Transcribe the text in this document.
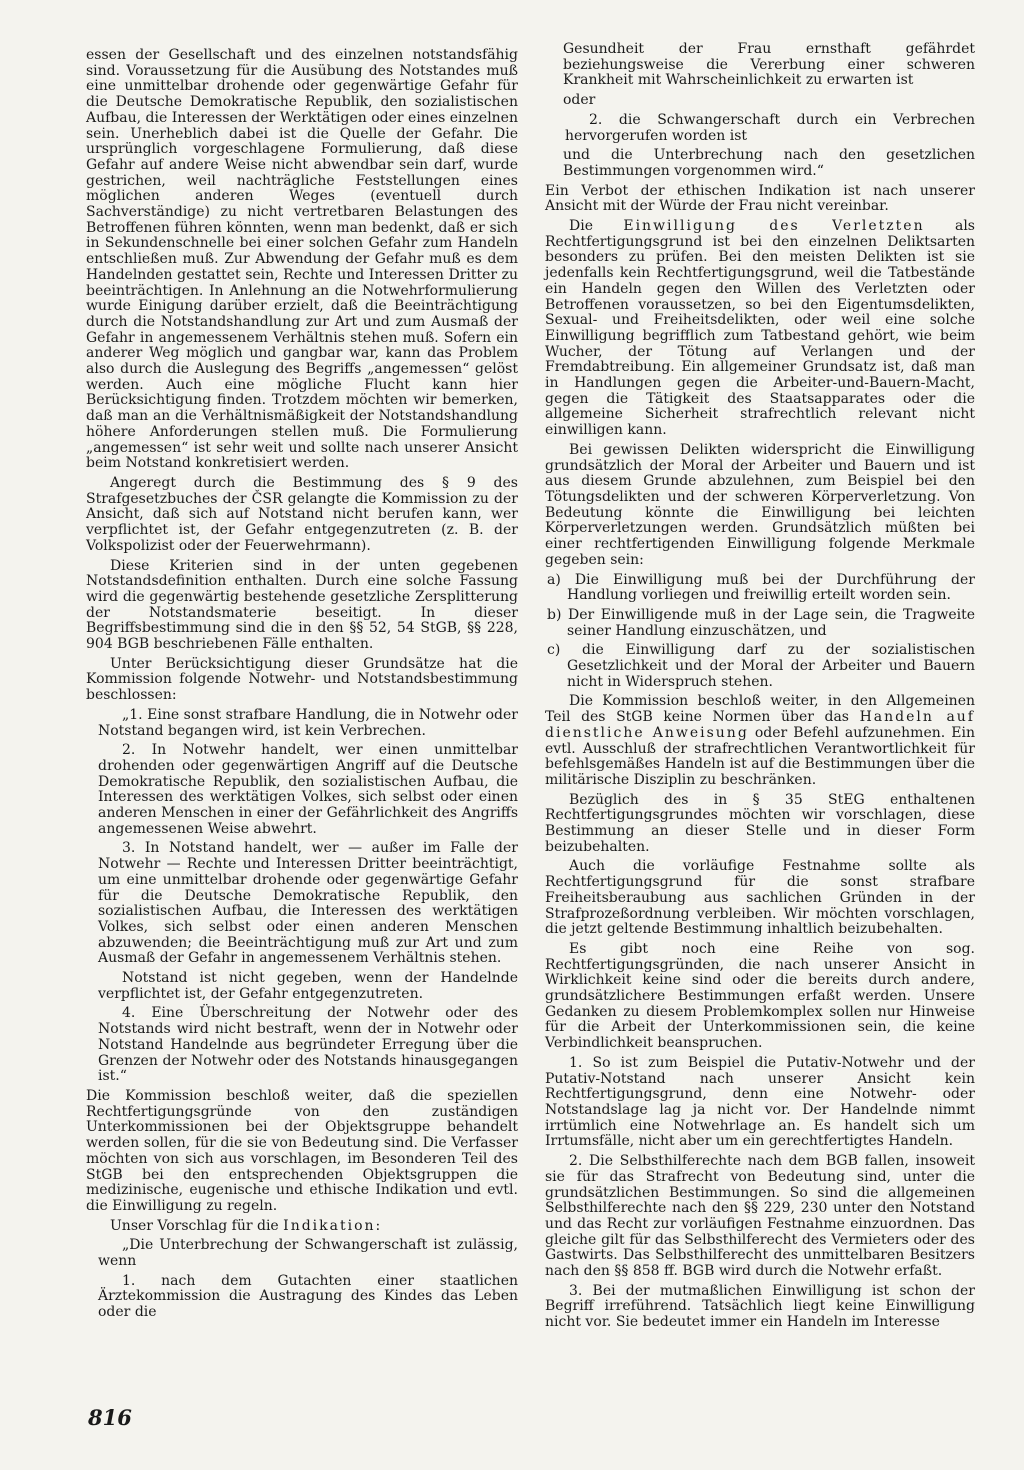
essen der Gesellschaft und des einzelnen notstandsfähig sind. Voraussetzung für die Ausübung des Notstandes muß eine unmittelbar drohende oder gegenwärtige Gefahr für die Deutsche Demokratische Republik, den sozialistischen Aufbau, die Interessen der Werktätigen oder eines einzelnen sein. Unerheblich dabei ist die Quelle der Gefahr. Die ursprünglich vorgeschlagene Formulierung, daß diese Gefahr auf andere Weise nicht abwendbar sein darf, wurde gestrichen, weil nachträgliche Feststellungen eines möglichen anderen Weges (eventuell durch Sachverständige) zu nicht vertretbaren Belastungen des Betroffenen führen könnten, wenn man bedenkt, daß er sich in Sekundenschnelle bei einer solchen Gefahr zum Handeln entschließen muß. Zur Abwendung der Gefahr muß es dem Handelnden gestattet sein, Rechte und Interessen Dritter zu beeinträchtigen. In Anlehnung an die Notwehrformulierung wurde Einigung darüber erzielt, daß die Beeinträchtigung durch die Notstandshandlung zur Art und zum Ausmaß der Gefahr in angemessenem Verhältnis stehen muß. Sofern ein anderer Weg möglich und gangbar war, kann das Problem also durch die Auslegung des Begriffs „angemessen“ gelöst werden. Auch eine mögliche Flucht kann hier Berücksichtigung finden. Trotzdem möchten wir bemerken, daß man an die Verhältnismäßigkeit der Notstandshandlung höhere Anforderungen stellen muß. Die Formulierung „angemessen“ ist sehr weit und sollte nach unserer Ansicht beim Notstand konkretisiert werden.

Angeregt durch die Bestimmung des § 9 des Strafgesetzbuches der ČSR gelangte die Kommission zu der Ansicht, daß sich auf Notstand nicht berufen kann, wer verpflichtet ist, der Gefahr entgegenzutreten (z. B. der Volkspolizist oder der Feuerwehrmann).

Diese Kriterien sind in der unten gegebenen Notstandsdefinition enthalten. Durch eine solche Fassung wird die gegenwärtig bestehende gesetzliche Zersplitterung der Notstandsmaterie beseitigt. In dieser Begriffsbestimmung sind die in den §§ 52, 54 StGB, §§ 228, 904 BGB beschriebenen Fälle enthalten.

Unter Berücksichtigung dieser Grundsätze hat die Kommission folgende Notwehr- und Notstandsbestimmung beschlossen:

„1. Eine sonst strafbare Handlung, die in Notwehr oder Notstand begangen wird, ist kein Verbrechen.

2. In Notwehr handelt, wer einen unmittelbar drohenden oder gegenwärtigen Angriff auf die Deutsche Demokratische Republik, den sozialistischen Aufbau, die Interessen des werktätigen Volkes, sich selbst oder einen anderen Menschen in einer der Gefährlichkeit des Angriffs angemessenen Weise abwehrt.

3. In Notstand handelt, wer — außer im Falle der Notwehr — Rechte und Interessen Dritter beeinträchtigt, um eine unmittelbar drohende oder gegenwärtige Gefahr für die Deutsche Demokratische Republik, den sozialistischen Aufbau, die Interessen des werktätigen Volkes, sich selbst oder einen anderen Menschen abzuwenden; die Beeinträchtigung muß zur Art und zum Ausmaß der Gefahr in angemessenem Verhältnis stehen.

Notstand ist nicht gegeben, wenn der Handelnde verpflichtet ist, der Gefahr entgegenzutreten.

4. Eine Überschreitung der Notwehr oder des Notstands wird nicht bestraft, wenn der in Notwehr oder Notstand Handelnde aus begründeter Erregung über die Grenzen der Notwehr oder des Notstands hinausgegangen ist.“

Die Kommission beschloß weiter, daß die speziellen Rechtfertigungsgründe von den zuständigen Unterkommissionen bei der Objektsgruppe behandelt werden sollen, für die sie von Bedeutung sind. Die Verfasser möchten von sich aus vorschlagen, im Besonderen Teil des StGB bei den entsprechenden Objektsgruppen die medizinische, eugenische und ethische Indikation und evtl. die Einwilligung zu regeln.

Unser Vorschlag für die Indikation:

„Die Unterbrechung der Schwangerschaft ist zulässig, wenn

1. nach dem Gutachten einer staatlichen Ärztekommission die Austragung des Kindes das Leben oder die

Gesundheit der Frau ernsthaft gefährdet beziehungsweise die Vererbung einer schweren Krankheit mit Wahrscheinlichkeit zu erwarten ist

oder

2. die Schwangerschaft durch ein Verbrechen hervorgerufen worden ist

und die Unterbrechung nach den gesetzlichen Bestimmungen vorgenommen wird.“

Ein Verbot der ethischen Indikation ist nach unserer Ansicht mit der Würde der Frau nicht vereinbar.

Die Einwilligung des Verletzten als Rechtfertigungsgrund ist bei den einzelnen Deliktsarten besonders zu prüfen. Bei den meisten Delikten ist sie jedenfalls kein Rechtfertigungsgrund, weil die Tatbestände ein Handeln gegen den Willen des Verletzten oder Betroffenen voraussetzen, so bei den Eigentumsdelikten, Sexual- und Freiheitsdelikten, oder weil eine solche Einwilligung begrifflich zum Tatbestand gehört, wie beim Wucher, der Tötung auf Verlangen und der Fremdabtreibung. Ein allgemeiner Grundsatz ist, daß man in Handlungen gegen die Arbeiter-und-Bauern-Macht, gegen die Tätigkeit des Staatsapparates oder die allgemeine Sicherheit strafrechtlich relevant nicht einwilligen kann.

Bei gewissen Delikten widerspricht die Einwilligung grundsätzlich der Moral der Arbeiter und Bauern und ist aus diesem Grunde abzulehnen, zum Beispiel bei den Tötungsdelikten und der schweren Körperverletzung. Von Bedeutung könnte die Einwilligung bei leichten Körperverletzungen werden. Grundsätzlich müßten bei einer rechtfertigenden Einwilligung folgende Merkmale gegeben sein:

a) Die Einwilligung muß bei der Durchführung der Handlung vorliegen und freiwillig erteilt worden sein.

b) Der Einwilligende muß in der Lage sein, die Tragweite seiner Handlung einzuschätzen, und

c) die Einwilligung darf zu der sozialistischen Gesetzlichkeit und der Moral der Arbeiter und Bauern nicht in Widerspruch stehen.

Die Kommission beschloß weiter, in den Allgemeinen Teil des StGB keine Normen über das Handeln auf dienstliche Anweisung oder Befehl aufzunehmen. Ein evtl. Ausschluß der strafrechtlichen Verantwortlichkeit für befehlsgemäßes Handeln ist auf die Bestimmungen über die militärische Disziplin zu beschränken.

Bezüglich des in § 35 StEG enthaltenen Rechtfertigungsgrundes möchten wir vorschlagen, diese Bestimmung an dieser Stelle und in dieser Form beizubehalten.

Auch die vorläufige Festnahme sollte als Rechtfertigungsgrund für die sonst strafbare Freiheitsberaubung aus sachlichen Gründen in der Strafprozeßordnung verbleiben. Wir möchten vorschlagen, die jetzt geltende Bestimmung inhaltlich beizubehalten.

Es gibt noch eine Reihe von sog. Rechtfertigungsgründen, die nach unserer Ansicht in Wirklichkeit keine sind oder die bereits durch andere, grundsätzlichere Bestimmungen erfaßt werden. Unsere Gedanken zu diesem Problemkomplex sollen nur Hinweise für die Arbeit der Unterkommissionen sein, die keine Verbindlichkeit beanspruchen.

1. So ist zum Beispiel die Putativ-Notwehr und der Putativ-Notstand nach unserer Ansicht kein Rechtfertigungsgrund, denn eine Notwehr- oder Notstandslage lag ja nicht vor. Der Handelnde nimmt irrtümlich eine Notwehrlage an. Es handelt sich um Irrtumsfälle, nicht aber um ein gerechtfertigtes Handeln.

2. Die Selbsthilferechte nach dem BGB fallen, insoweit sie für das Strafrecht von Bedeutung sind, unter die grundsätzlichen Bestimmungen. So sind die allgemeinen Selbsthilferechte nach den §§ 229, 230 unter den Notstand und das Recht zur vorläufigen Festnahme einzuordnen. Das gleiche gilt für das Selbsthilferecht des Vermieters oder des Gastwirts. Das Selbsthilferecht des unmittelbaren Besitzers nach den §§ 858 ff. BGB wird durch die Notwehr erfaßt.

3. Bei der mutmaßlichen Einwilligung ist schon der Begriff irreführend. Tatsächlich liegt keine Einwilligung nicht vor. Sie bedeutet immer ein Handeln im Interesse

816
